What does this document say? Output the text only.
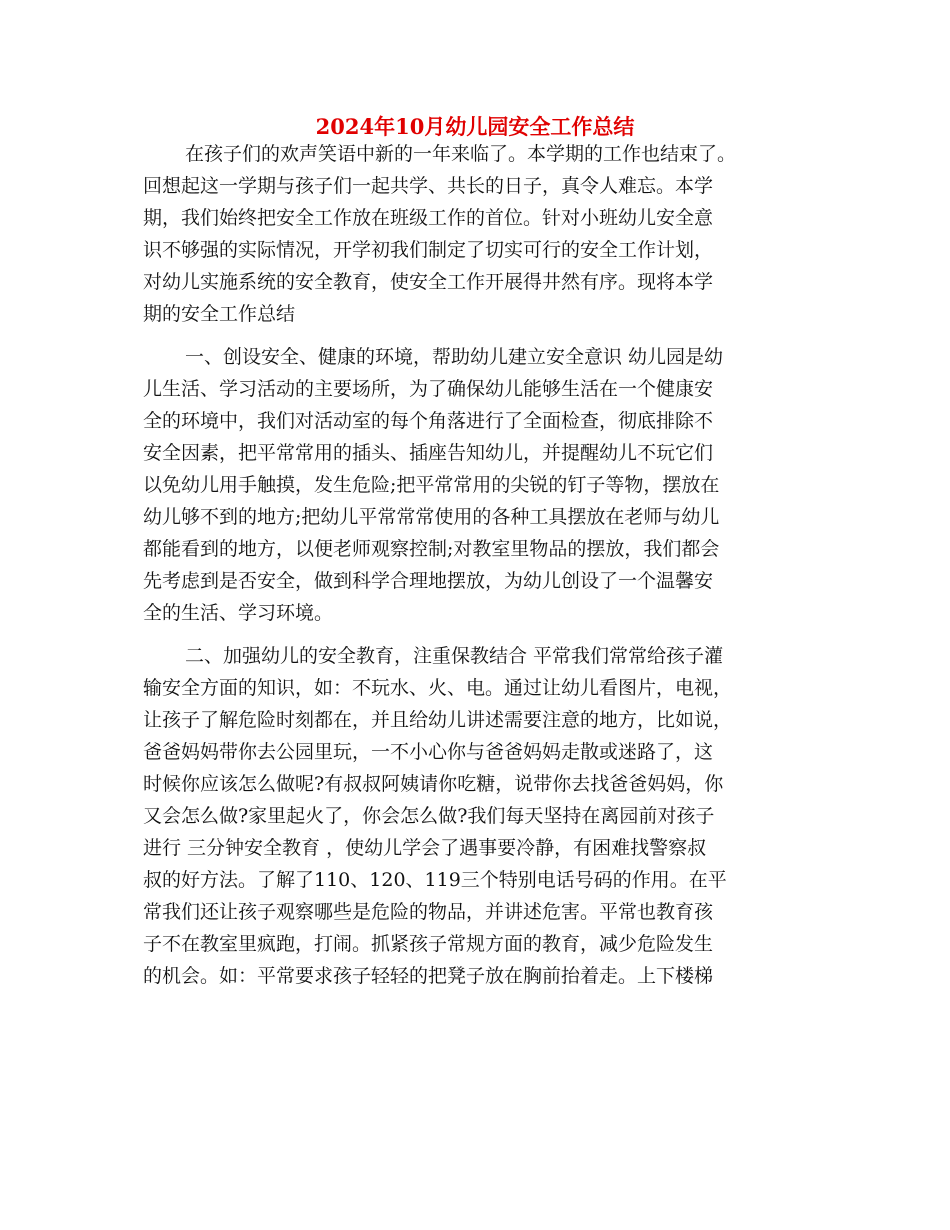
2024年10月幼儿园安全工作总结
在孩子们的欢声笑语中新的一年来临了。本学期的工作也结束了。
回想起这一学期与孩子们一起共学、共长的日子，真令人难忘。本学
期，我们始终把安全工作放在班级工作的首位。针对小班幼儿安全意
识不够强的实际情况，开学初我们制定了切实可行的安全工作计划，
对幼儿实施系统的安全教育，使安全工作开展得井然有序。现将本学
期的安全工作总结
一、创设安全、健康的环境，帮助幼儿建立安全意识 幼儿园是幼
儿生活、学习活动的主要场所，为了确保幼儿能够生活在一个健康安
全的环境中，我们对活动室的每个角落进行了全面检查，彻底排除不
安全因素，把平常常用的插头、插座告知幼儿，并提醒幼儿不玩它们
以免幼儿用手触摸，发生危险;把平常常用的尖锐的钉子等物，摆放在
幼儿够不到的地方;把幼儿平常常常使用的各种工具摆放在老师与幼儿
都能看到的地方，以便老师观察控制;对教室里物品的摆放，我们都会
先考虑到是否安全，做到科学合理地摆放，为幼儿创设了一个温馨安
全的生活、学习环境。
二、加强幼儿的安全教育，注重保教结合 平常我们常常给孩子灌
输安全方面的知识，如：不玩水、火、电。通过让幼儿看图片，电视，
让孩子了解危险时刻都在，并且给幼儿讲述需要注意的地方，比如说，
爸爸妈妈带你去公园里玩，一不小心你与爸爸妈妈走散或迷路了，这
时候你应该怎么做呢?有叔叔阿姨请你吃糖，说带你去找爸爸妈妈，你
又会怎么做?家里起火了，你会怎么做?我们每天坚持在离园前对孩子
进行 三分钟安全教育 ，使幼儿学会了遇事要冷静，有困难找警察叔
叔的好方法。了解了110、120、119三个特别电话号码的作用。在平
常我们还让孩子观察哪些是危险的物品，并讲述危害。平常也教育孩
子不在教室里疯跑，打闹。抓紧孩子常规方面的教育，减少危险发生
的机会。如：平常要求孩子轻轻的把凳子放在胸前抬着走。上下楼梯
